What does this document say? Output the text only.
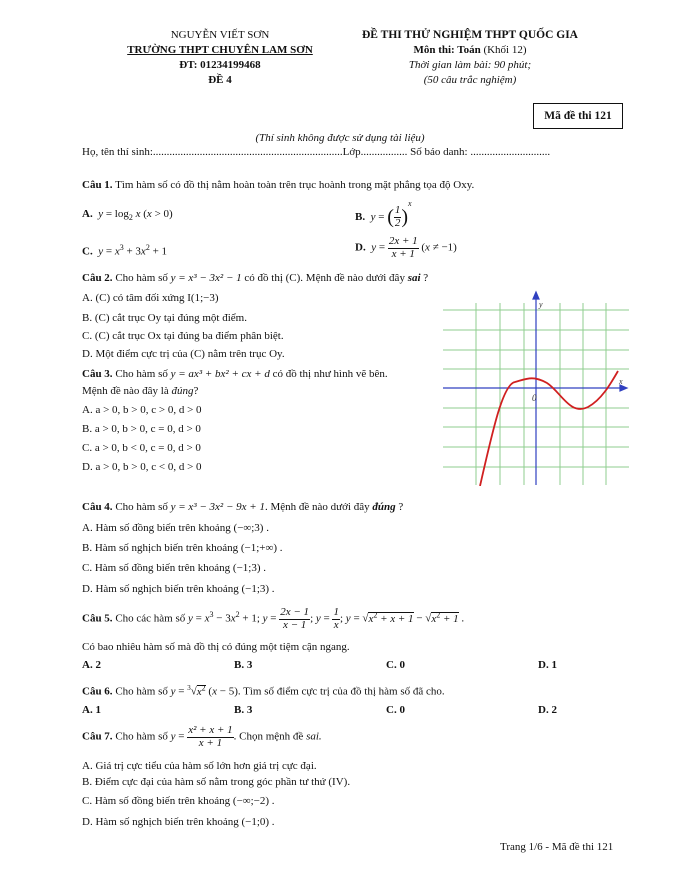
NGUYỄN VIẾT SƠN
TRƯỜNG THPT CHUYÊN LAM SƠN
ĐT: 01234199468
ĐỀ 4
ĐỀ THI THỬ NGHIỆM THPT QUỐC GIA
Môn thi: Toán (Khối 12)
Thời gian làm bài: 90 phút;
(50 câu trắc nghiệm)
Mã đề thi 121
(Thí sinh không được sử dụng tài liệu)
Họ, tên thí sinh:.....................................................................Lớp................. Số báo danh: .............................
Câu 1. Tìm hàm số có đồ thị nằm hoàn toàn trên trục hoành trong mặt phẳng tọa độ Oxy.
A.  $y = \log_2 x$ (x > 0)	B.  y = ( $\frac{1}{2} )^x$
C.  $y = x^3 + 3x^2 + 1$	D.  $y = \frac{2x + 1}{x + 1} (x \ne -1)$
Câu 2. Cho hàm số y = x³ − 3x² − 1 có đồ thị (C). Mệnh đề nào dưới đây sai ?
A. (C) có tâm đối xứng I(1;−3)
B. (C) cắt trục Oy tại đúng một điểm.
C. (C) cắt trục Ox tại đúng ba điểm phân biệt.
D. Một điểm cực trị của (C) nằm trên trục Oy.
Câu 3. Cho hàm số y = ax³ + bx² + cx + d có đồ thị như hình vẽ bên.
Mệnh đề nào đây là đúng?
A. a > 0, b > 0, c > 0, d > 0
B. a > 0, b > 0, c = 0, d > 0
C. a > 0, b < 0, c = 0, d > 0
D. a > 0, b > 0, c < 0, d > 0
y
x
0
Câu 4. Cho hàm số y = x³ − 3x² − 9x + 1. Mệnh đề nào dưới đây đúng ?
A. Hàm số đồng biến trên khoảng (−∞;3) .
B. Hàm số nghịch biến trên khoảng (−1;+∞) .
C. Hàm số đồng biến trên khoảng (−1;3) .
D. Hàm số nghịch biến trên khoảng (−1;3) .
Câu 5. Cho các hàm số $y = x^3 - 3x^2 + 1$; $y = \frac{2x - 1}{x - 1}$ ; $y = \frac{1}{x}$ ; $y = √x^2 + x + 1 - √x^2 + 1$ .
Có bao nhiêu hàm số mà đồ thị có đúng một tiệm cận ngang.
A. 2	B. 3	C. 0	D. 1
Câu 6. Cho hàm số $y = ^3√x^2$ (x − 5). Tìm số điểm cực trị của đồ thị hàm số đã cho.
A. 1	B. 3	C. 0	D. 2
Câu 7. Cho hàm số $y = \frac{\text{x² + x + 1}}{x + 1}$ . Chọn mệnh đề sai.
A. Giá trị cực tiểu của hàm số lớn hơn giá trị cực đại.
B. Điểm cực đại của hàm số nằm trong góc phần tư thứ (IV).
C. Hàm số đồng biến trên khoảng (−∞;−2) .
D. Hàm số nghịch biến trên khoảng (−1;0) .
Trang 1/6 - Mã đề thi 121
